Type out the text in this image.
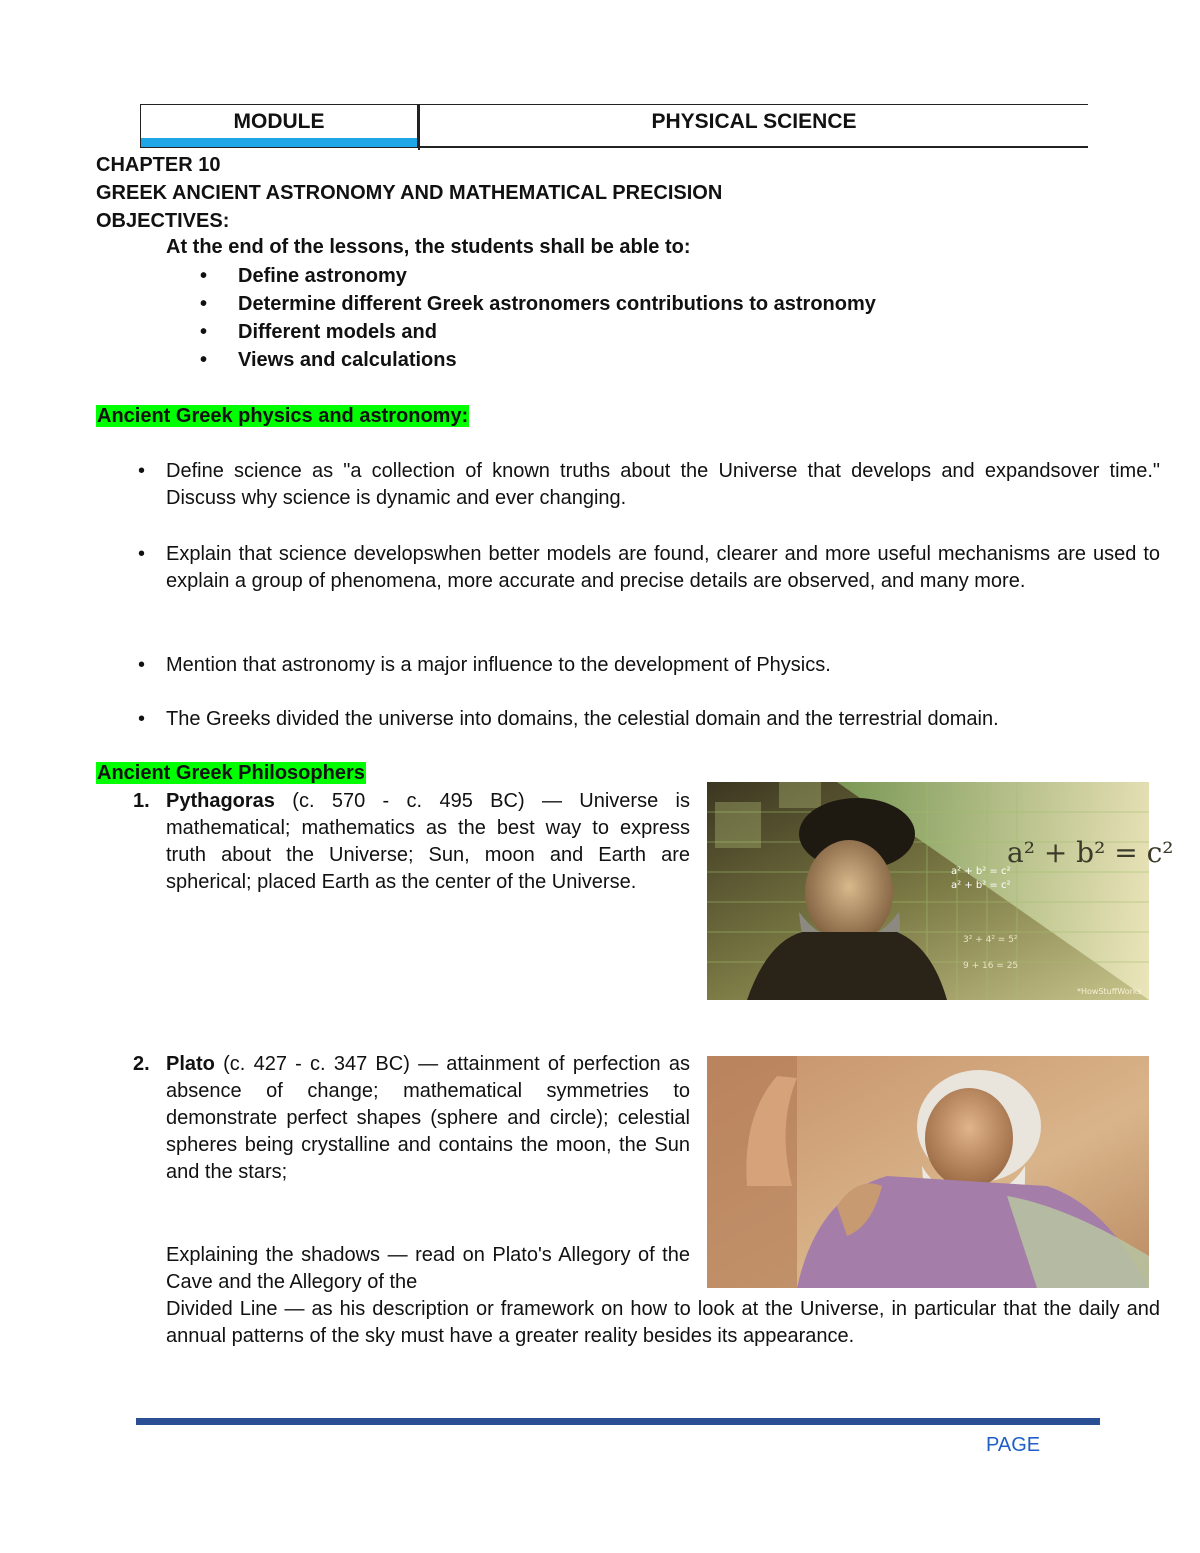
MODULE	PHYSICAL SCIENCE
CHAPTER 10
GREEK ANCIENT ASTRONOMY AND MATHEMATICAL PRECISION
OBJECTIVES:
At the end of the lessons, the students shall be able to:
• Define astronomy
• Determine different Greek astronomers contributions to astronomy
• Different models and
• Views and calculations
Ancient Greek physics and astronomy:
• Define science as "a collection of known truths about the Universe that develops and expandsover time." Discuss why science is dynamic and ever changing.
• Explain that science developswhen better models are found, clearer and more useful mechanisms are used to explain a group of phenomena, more accurate and precise details are observed, and many more.
• Mention that astronomy is a major influence to the development of Physics.
• The Greeks divided the universe into domains, the celestial domain and the terrestrial domain.
Ancient Greek Philosophers
1. Pythagoras (c. 570 - c. 495 BC) — Universe is mathematical; mathematics as the best way to express truth about the Universe; Sun, moon and Earth are spherical; placed Earth as the center of the Universe.
a² + b² = c²
a² + b² = c²
a² + b² = c²
3² + 4² = 5²
9 + 16 = 25
*HowStuffWorks
2. Plato (c. 427 - c. 347 BC) — attainment of perfection as absence of change; mathematical symmetries to demonstrate perfect shapes (sphere and circle); celestial spheres being crystalline and contains the moon, the Sun and the stars;
Explaining the shadows — read on Plato's Allegory of the Cave and the Allegory of the
Divided Line — as his description or framework on how to look at the Universe, in particular that the daily and annual patterns of the sky must have a greater reality besides its appearance.
PAGE
